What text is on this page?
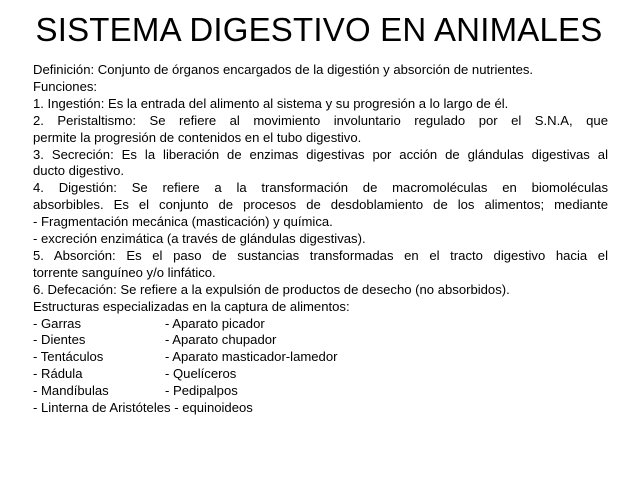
SISTEMA DIGESTIVO EN ANIMALES
Definición: Conjunto de órganos encargados de la digestión y absorción de nutrientes.
Funciones:
1. Ingestión: Es la entrada del alimento al sistema y su progresión a lo largo de él.
2. Peristaltismo: Se refiere al movimiento involuntario regulado por el S.N.A, que
permite la progresión de contenidos en el tubo digestivo.
3. Secreción: Es la liberación de enzimas digestivas por acción de glándulas digestivas al
ducto digestivo.
4. Digestión: Se refiere a la transformación de macromoléculas en biomoléculas
absorbibles. Es el conjunto de procesos de desdoblamiento de los alimentos; mediante
- Fragmentación mecánica (masticación) y química.
- excreción enzimática (a través de glándulas digestivas).
5. Absorción: Es el paso de sustancias transformadas en el tracto digestivo hacia el
torrente sanguíneo y/o linfático.
6. Defecación: Se refiere a la expulsión de productos de desecho (no absorbidos).
Estructuras especializadas en la captura de alimentos:
- Garras	- Aparato picador
- Dientes	- Aparato chupador
- Tentáculos	- Aparato masticador-lamedor
- Rádula	- Quelíceros
- Mandíbulas	- Pedipalpos
- Linterna de Aristóteles - equinoideos
